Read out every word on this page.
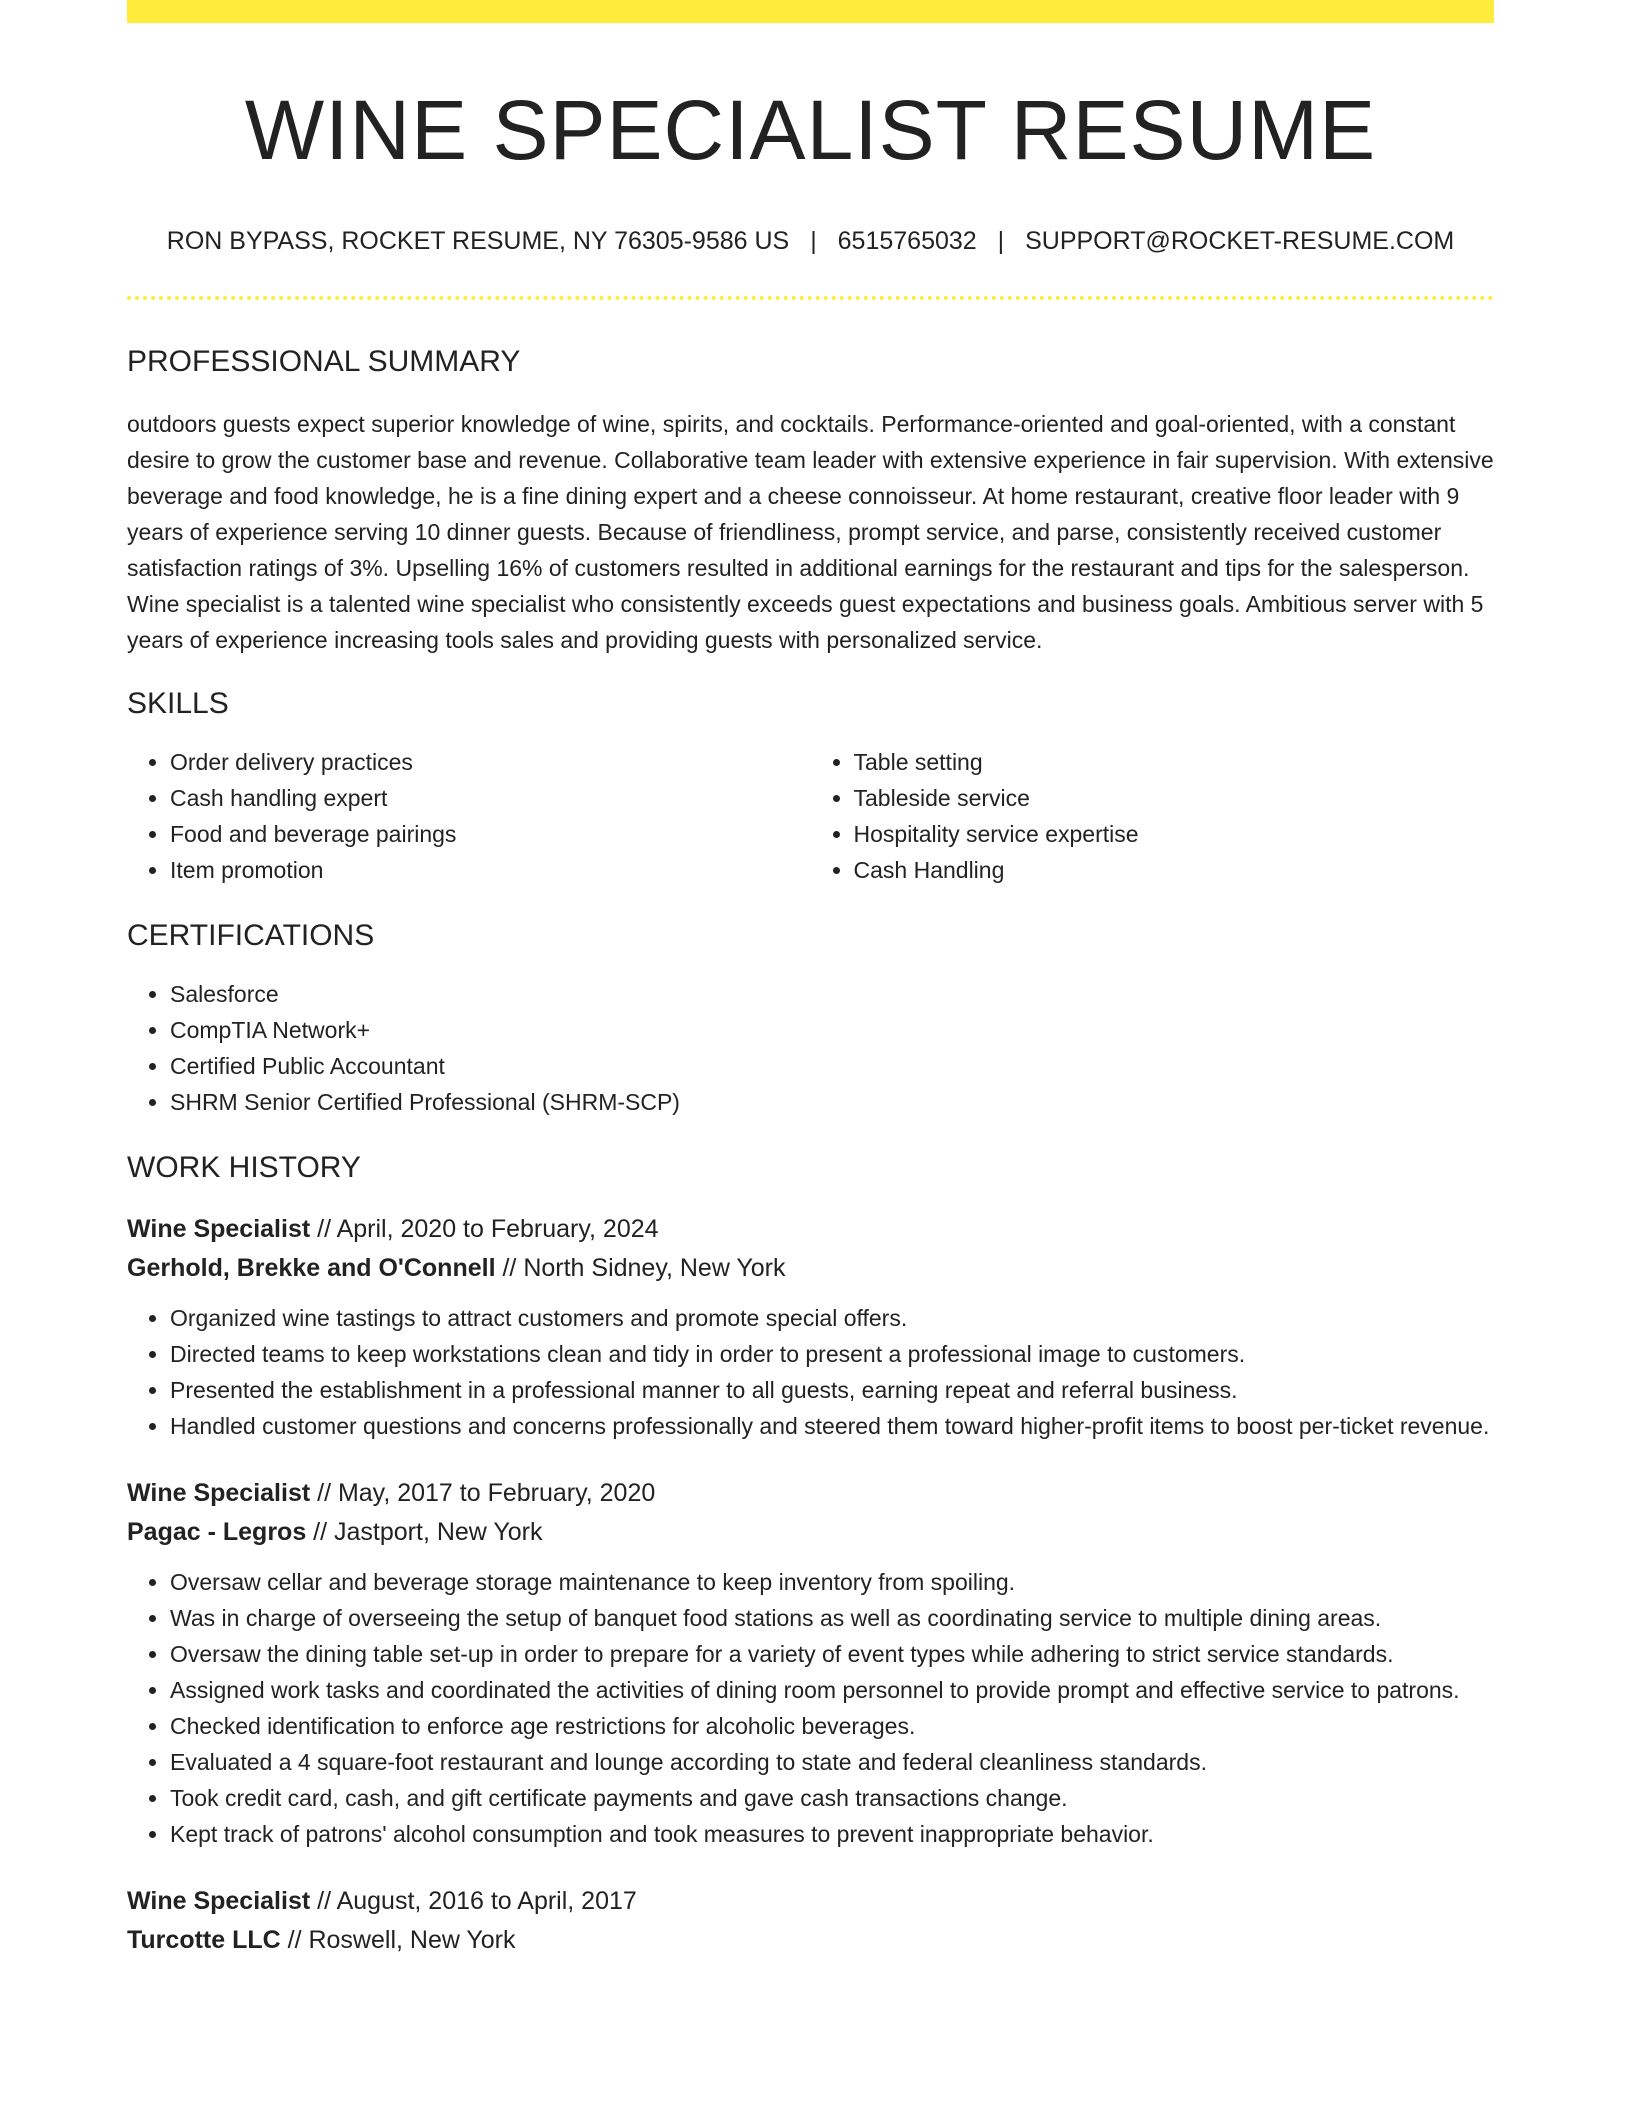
WINE SPECIALIST RESUME
RON BYPASS, ROCKET RESUME, NY 76305-9586 US | 6515765032 | SUPPORT@ROCKET-RESUME.COM
PROFESSIONAL SUMMARY

outdoors guests expect superior knowledge of wine, spirits, and cocktails. Performance-oriented and goal-oriented, with a constant desire to grow the customer base and revenue. Collaborative team leader with extensive experience in fair supervision. With extensive beverage and food knowledge, he is a fine dining expert and a cheese connoisseur. At home restaurant, creative floor leader with 9 years of experience serving 10 dinner guests. Because of friendliness, prompt service, and parse, consistently received customer satisfaction ratings of 3%. Upselling 16% of customers resulted in additional earnings for the restaurant and tips for the salesperson. Wine specialist is a talented wine specialist who consistently exceeds guest expectations and business goals. Ambitious server with 5 years of experience increasing tools sales and providing guests with personalized service.

SKILLS
• Order delivery practices
• Cash handling expert
• Food and beverage pairings
• Item promotion
• Table setting
• Tableside service
• Hospitality service expertise
• Cash Handling
CERTIFICATIONS
• Salesforce
• CompTIA Network+
• Certified Public Accountant
• SHRM Senior Certified Professional (SHRM-SCP)
WORK HISTORY
Wine Specialist // April, 2020 to February, 2024
Gerhold, Brekke and O'Connell // North Sidney, New York
• Organized wine tastings to attract customers and promote special offers.
• Directed teams to keep workstations clean and tidy in order to present a professional image to customers.
• Presented the establishment in a professional manner to all guests, earning repeat and referral business.
• Handled customer questions and concerns professionally and steered them toward higher-profit items to boost per-ticket revenue.
Wine Specialist // May, 2017 to February, 2020
Pagac - Legros // Jastport, New York
• Oversaw cellar and beverage storage maintenance to keep inventory from spoiling.
• Was in charge of overseeing the setup of banquet food stations as well as coordinating service to multiple dining areas.
• Oversaw the dining table set-up in order to prepare for a variety of event types while adhering to strict service standards.
• Assigned work tasks and coordinated the activities of dining room personnel to provide prompt and effective service to patrons.
• Checked identification to enforce age restrictions for alcoholic beverages.
• Evaluated a 4 square-foot restaurant and lounge according to state and federal cleanliness standards.
• Took credit card, cash, and gift certificate payments and gave cash transactions change.
• Kept track of patrons' alcohol consumption and took measures to prevent inappropriate behavior.
Wine Specialist // August, 2016 to April, 2017
Turcotte LLC // Roswell, New York
